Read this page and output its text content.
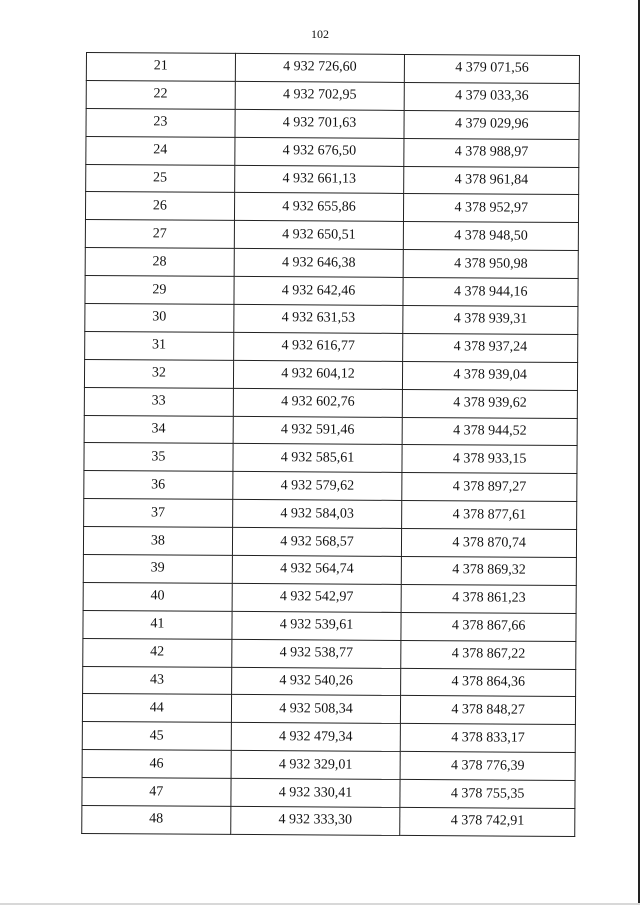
102
21	4 932 726,60	4 379 071,56
22	4 932 702,95	4 379 033,36
23	4 932 701,63	4 379 029,96
24	4 932 676,50	4 378 988,97
25	4 932 661,13	4 378 961,84
26	4 932 655,86	4 378 952,97
27	4 932 650,51	4 378 948,50
28	4 932 646,38	4 378 950,98
29	4 932 642,46	4 378 944,16
30	4 932 631,53	4 378 939,31
31	4 932 616,77	4 378 937,24
32	4 932 604,12	4 378 939,04
33	4 932 602,76	4 378 939,62
34	4 932 591,46	4 378 944,52
35	4 932 585,61	4 378 933,15
36	4 932 579,62	4 378 897,27
37	4 932 584,03	4 378 877,61
38	4 932 568,57	4 378 870,74
39	4 932 564,74	4 378 869,32
40	4 932 542,97	4 378 861,23
41	4 932 539,61	4 378 867,66
42	4 932 538,77	4 378 867,22
43	4 932 540,26	4 378 864,36
44	4 932 508,34	4 378 848,27
45	4 932 479,34	4 378 833,17
46	4 932 329,01	4 378 776,39
47	4 932 330,41	4 378 755,35
48	4 932 333,30	4 378 742,91
